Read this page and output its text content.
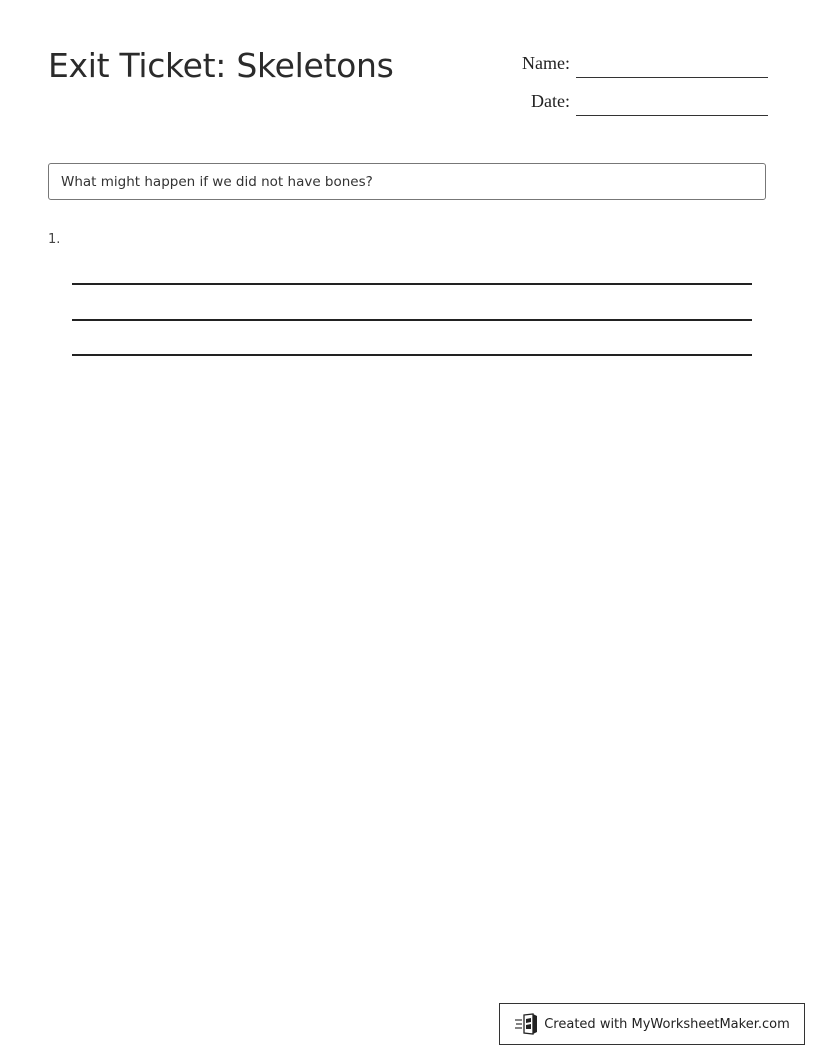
Exit Ticket: Skeletons	Name:
Date:
What might happen if we did not have bones?
1.
Created with MyWorksheetMaker.com
